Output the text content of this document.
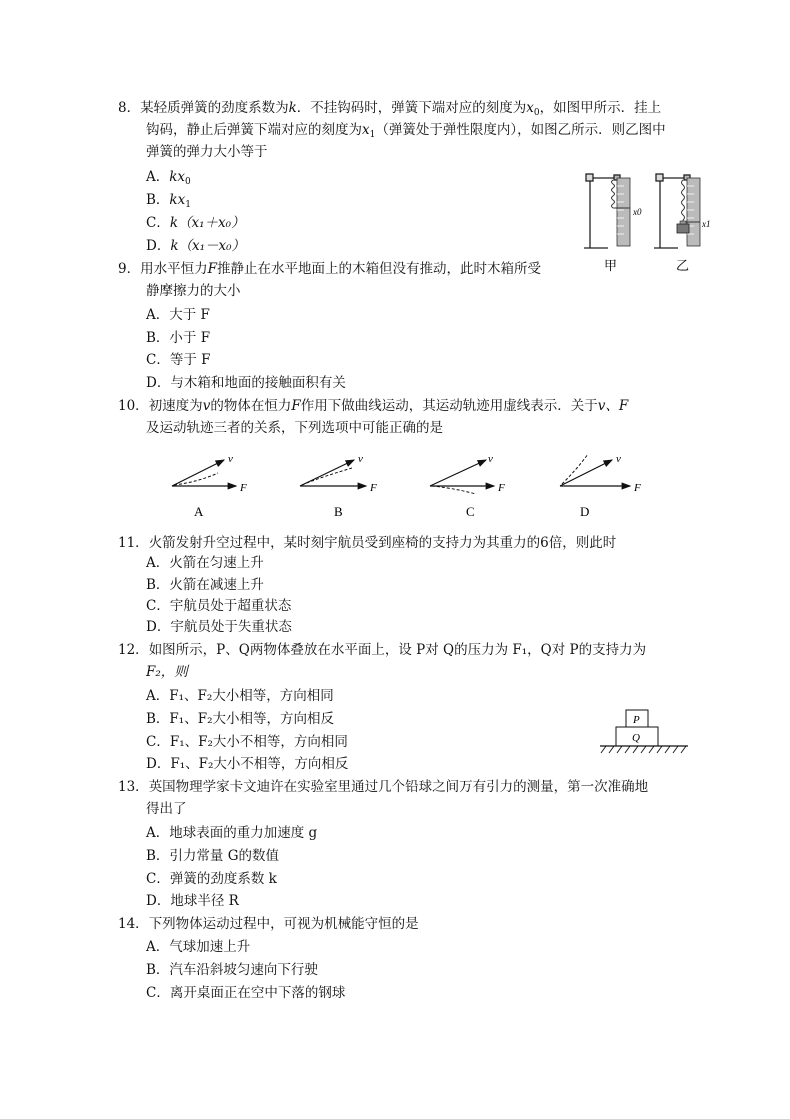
8．某轻质弹簧的劲度系数为k．不挂钩码时，弹簧下端对应的刻度为$x_0$，如图甲所示．挂上
钩码，静止后弹簧下端对应的刻度为$x_1$（弹簧处于弹性限度内），如图乙所示．则乙图中
弹簧的弹力大小等于
A．$kx_0$
B．$kx_1$
C．k（x₁＋x₀）
D．k（x₁－x₀）
x0
x1
甲	乙
9．用水平恒力F推静止在水平地面上的木箱但没有推动，此时木箱所受
静摩擦力的大小
A．大于 F
B．小于 F
C．等于 F
D．与木箱和地面的接触面积有关
10．初速度为v的物体在恒力F作用下做曲线运动，其运动轨迹用虚线表示．关于v、F
及运动轨迹三者的关系，下列选项中可能正确的是
v
F
A
v
F
B
v
F
C
v
F
D
11．火箭发射升空过程中，某时刻宇航员受到座椅的支持力为其重力的6倍，则此时
A．火箭在匀速上升
B．火箭在减速上升
C．宇航员处于超重状态
D．宇航员处于失重状态
12．如图所示，P、Q两物体叠放在水平面上，设 P对 Q的压力为 F₁，Q对 P的支持力为
F₂，则
A．F₁、F₂大小相等，方向相同
B．F₁、F₂大小相等，方向相反
C．F₁、F₂大小不相等，方向相同
D．F₁、F₂大小不相等，方向相反
P
Q
13．英国物理学家卡文迪许在实验室里通过几个铅球之间万有引力的测量，第一次准确地
得出了
A．地球表面的重力加速度 g
B．引力常量 G的数值
C．弹簧的劲度系数 k
D．地球半径 R
14．下列物体运动过程中，可视为机械能守恒的是
A．气球加速上升
B．汽车沿斜坡匀速向下行驶
C．离开桌面正在空中下落的钢球
